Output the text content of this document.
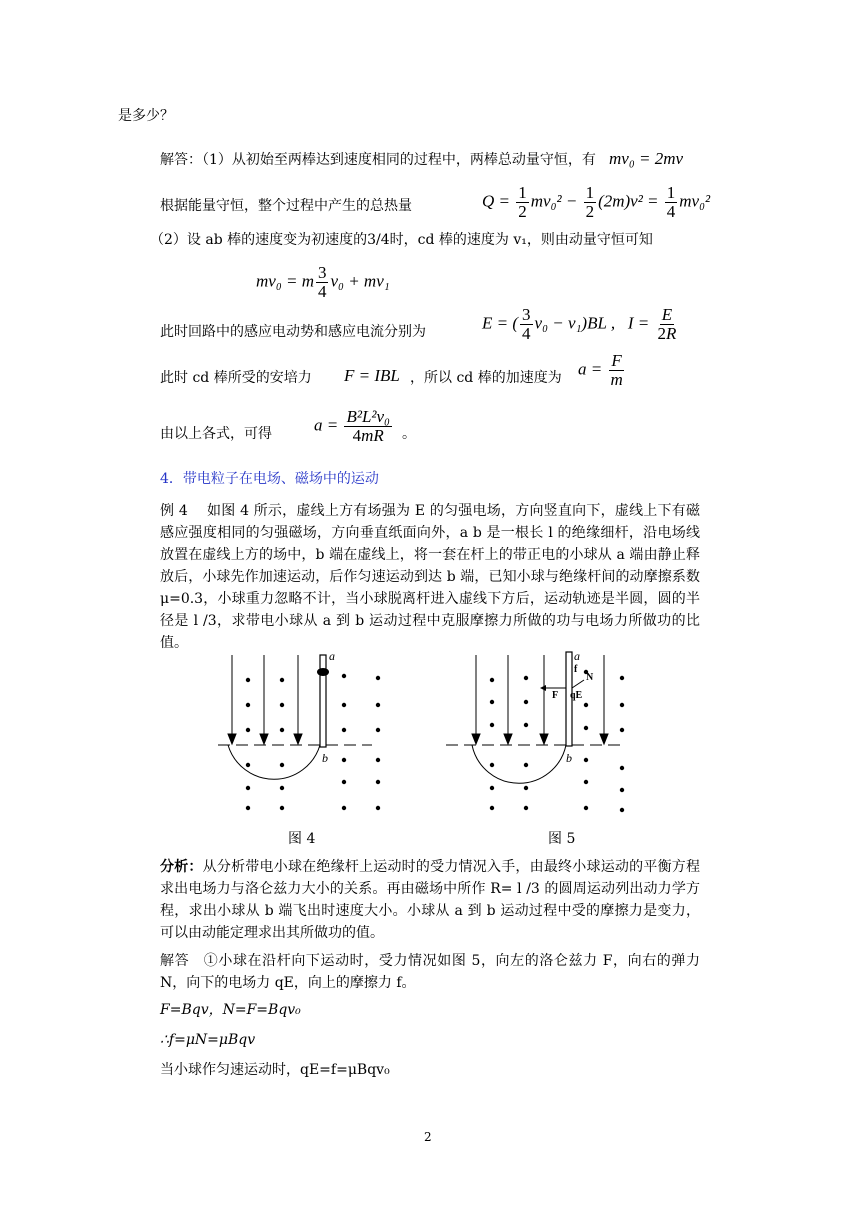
是多少？
解答：（1）从初始至两棒达到速度相同的过程中，两棒总动量守恒，有 mv₀ = 2mv
根据能量守恒，整个过程中产生的总热量	$Q = \frac{1}{2} mv_0^2 - \frac{1}{2} (2m)v^2 = \frac{1}{4} mv_0^2$
（2）设 ab 棒的速度变为初速度的3/4时，cd 棒的速度为 v₁，则由动量守恒可知
mv₀ = m $\frac{3}{4} v_0 + mv_1$
此时回路中的感应电动势和感应电流分别为	E = ( $\frac{3}{4} v_0 - v_1)BL$ ,   $I = \frac{E}{2R}$
此时 cd 棒所受的安培力 F = IBL ，所以 cd 棒的加速度为 $a = \frac{F}{m}$
由以上各式，可得 $a = \frac{\text{B²L²v₀}}{4mR}$ 。
4．带电粒子在电场、磁场中的运动
例 4　 如图 4 所示，虚线上方有场强为 E 的匀强电场，方向竖直向下，虚线上下有磁感应强度相同的匀强磁场，方向垂直纸面向外，a b 是一根长 l 的绝缘细杆，沿电场线放置在虚线上方的场中，b 端在虚线上，将一套在杆上的带正电的小球从 a 端由静止释放后，小球先作加速运动，后作匀速运动到达 b 端，已知小球与绝缘杆间的动摩擦系数μ=0.3，小球重力忽略不计，当小球脱离杆进入虚线下方后，运动轨迹是半圆，圆的半径是 l /3，求带电小球从 a 到 b 运动过程中克服摩擦力所做的功与电场力所做功的比值。
a
b
图 4
a
f
F
N
qE
b
图 5
分析：从分析带电小球在绝缘杆上运动时的受力情况入手，由最终小球运动的平衡方程求出电场力与洛仑兹力大小的关系。再由磁场中所作 R= l /3 的圆周运动列出动力学方程，求出小球从 b 端飞出时速度大小。小球从 a 到 b 运动过程中受的摩擦力是变力，可以由动能定理求出其所做功的值。
解答　①小球在沿杆向下运动时，受力情况如图 5，向左的洛仑兹力 F，向右的弹力 N，向下的电场力 qE，向上的摩擦力 f。
F=Bqv，N=F=Bqv₀
∴f=μN=μBqv
当小球作匀速运动时，qE=f=μBqv₀
2
